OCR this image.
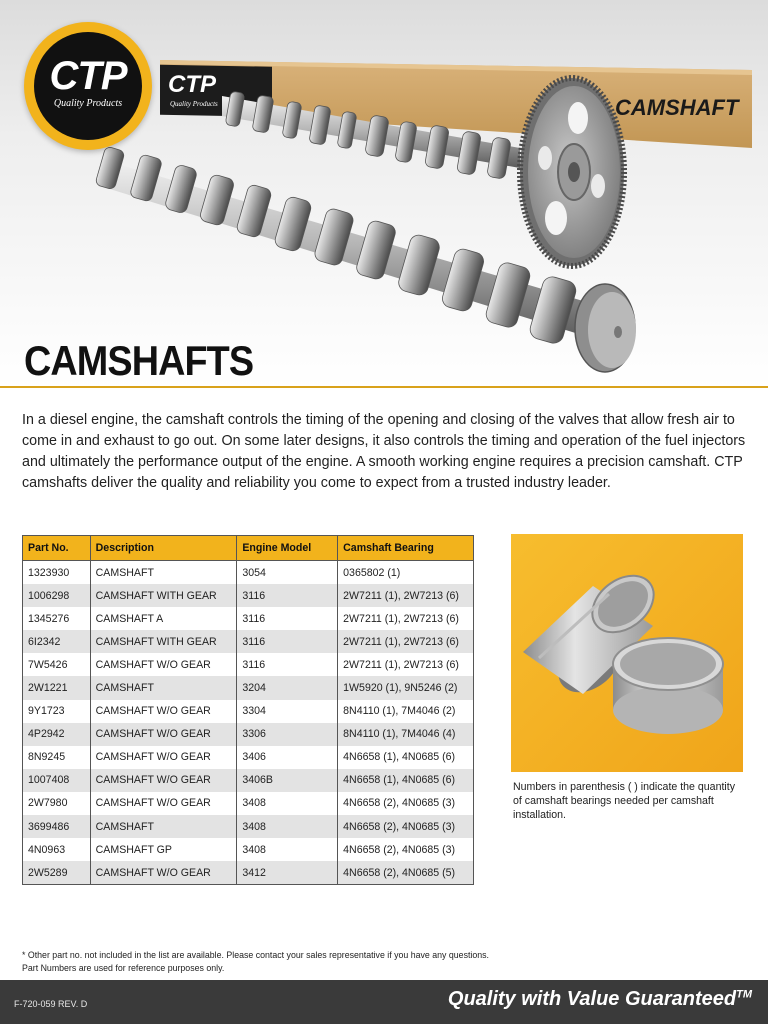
CTP
Quality Products	CAMSHAFT
CTP
Quality Products
CAMSHAFTS

In a diesel engine, the camshaft controls the timing of the opening and closing of the valves that allow fresh air to come in and exhaust to go out. On some later designs, it also controls the timing and operation of the fuel injectors and ultimately the performance output of the engine. A smooth working engine requires a precision camshaft. CTP camshafts deliver the quality and reliability you come to expect from a trusted industry leader.

Part No.	Description	Engine Model	Camshaft Bearing
1323930	CAMSHAFT	3054	0365802 (1)
1006298	CAMSHAFT WITH GEAR	3116	2W7211 (1), 2W7213 (6)
1345276	CAMSHAFT A	3116	2W7211 (1), 2W7213 (6)
6I2342	CAMSHAFT WITH GEAR	3116	2W7211 (1), 2W7213 (6)
7W5426	CAMSHAFT W/O GEAR	3116	2W7211 (1), 2W7213 (6)
2W1221	CAMSHAFT	3204	1W5920 (1), 9N5246 (2)
9Y1723	CAMSHAFT W/O GEAR	3304	8N4110 (1), 7M4046 (2)
4P2942	CAMSHAFT W/O GEAR	3306	8N4110 (1), 7M4046 (4)
8N9245	CAMSHAFT W/O GEAR	3406	4N6658 (1), 4N0685 (6)
1007408	CAMSHAFT W/O GEAR	3406B	4N6658 (1), 4N0685 (6)
2W7980	CAMSHAFT W/O GEAR	3408	4N6658 (2), 4N0685 (3)
3699486	CAMSHAFT	3408	4N6658 (2), 4N0685 (3)
4N0963	CAMSHAFT GP	3408	4N6658 (2), 4N0685 (3)
2W5289	CAMSHAFT W/O GEAR	3412	4N6658 (2), 4N0685 (5)

Numbers in parenthesis ( ) indicate the quantity of camshaft bearings needed per camshaft installation.

* Other part no. not included in the list are available. Please contact your sales representative if you have any questions.

Part Numbers are used for reference purposes only.

F-720-059 REV. D	Quality with Value Guaranteed™
